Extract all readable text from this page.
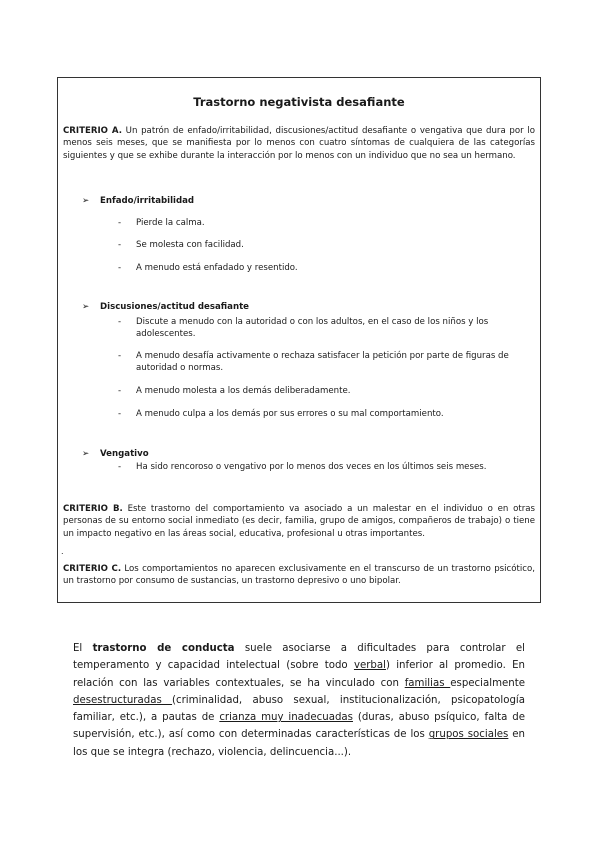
Trastorno negativista desafiante

CRITERIO A. Un patrón de enfado/irritabilidad, discusiones/actitud desafiante o vengativa que dura por lo menos seis meses, que se manifiesta por lo menos con cuatro síntomas de cualquiera de las categorías siguientes y que se exhibe durante la interacción por lo menos con un individuo que no sea un hermano.

➢ Enfado/irritabilidad
-	Pierde la calma.
-	Se molesta con facilidad.
-	A menudo está enfadado y resentido.
➢ Discusiones/actitud desafiante
-	Discute a menudo con la autoridad o con los adultos, en el caso de los niños y los adolescentes.
-	A menudo desafía activamente o rechaza satisfacer la petición por parte de figuras de autoridad o normas.
-	A menudo molesta a los demás deliberadamente.
-	A menudo culpa a los demás por sus errores o su mal comportamiento.
➢ Vengativo
-	Ha sido rencoroso o vengativo por lo menos dos veces en los últimos seis meses.

CRITERIO B. Este trastorno del comportamiento va asociado a un malestar en el individuo o en otras personas de su entorno social inmediato (es decir, familia, grupo de amigos, compañeros de trabajo) o tiene un impacto negativo en las áreas social, educativa, profesional u otras importantes.

.

CRITERIO C. Los comportamientos no aparecen exclusivamente en el transcurso de un trastorno psicótico, un trastorno por consumo de sustancias, un trastorno depresivo o uno bipolar.

El trastorno de conducta suele asociarse a dificultades para controlar el temperamento y capacidad intelectual (sobre todo verbal) inferior al promedio. En relación con las variables contextuales, se ha vinculado con familias especialmente desestructuradas (criminalidad, abuso sexual, institucionalización, psicopatología familiar, etc.), a pautas de crianza muy inadecuadas (duras, abuso psíquico, falta de supervisión, etc.), así como con determinadas características de los grupos sociales en los que se integra (rechazo, violencia, delincuencia...).
